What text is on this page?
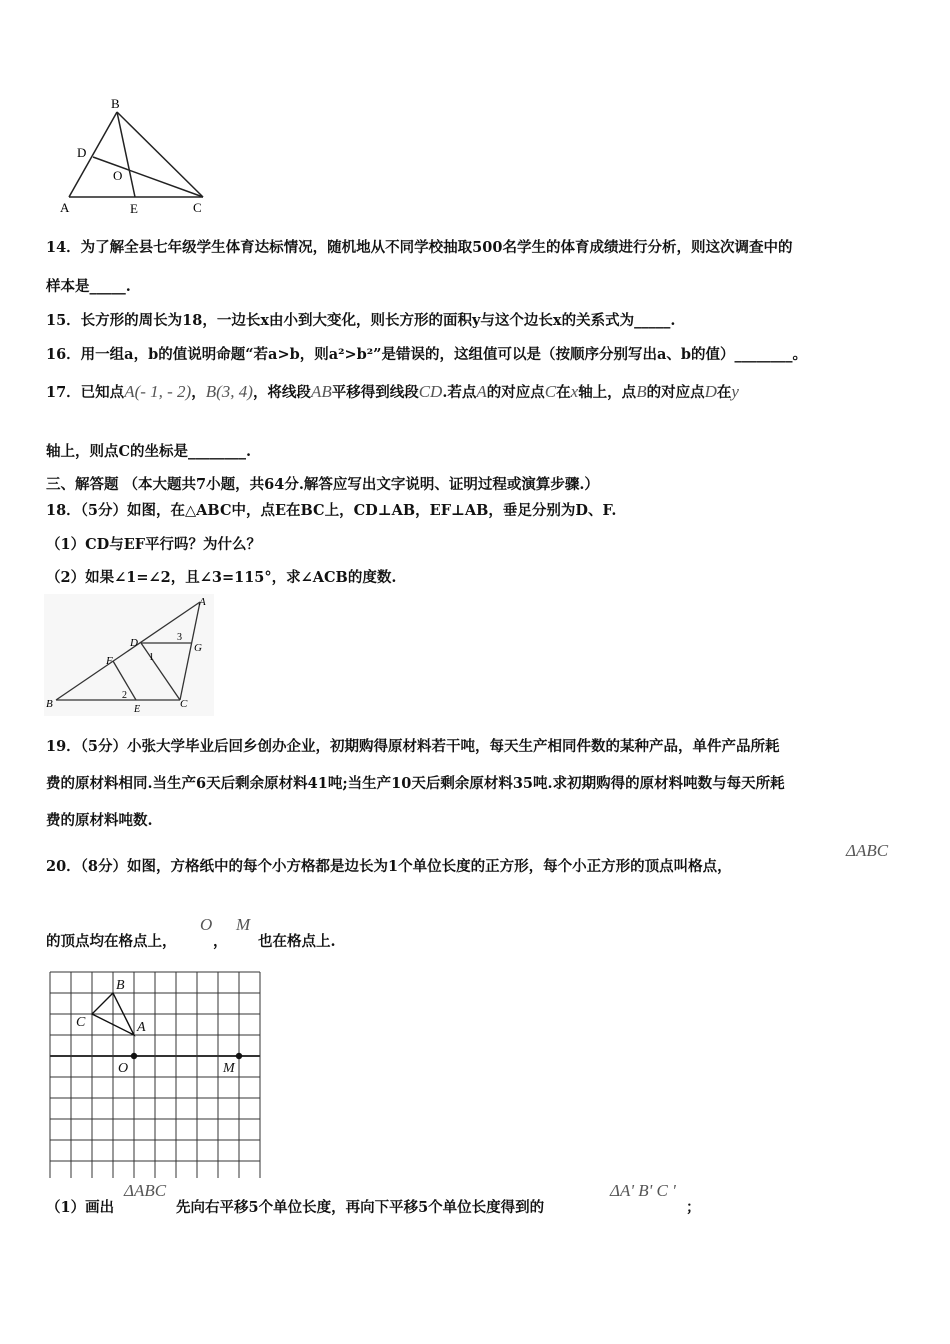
B
D
O
A	E	C
14．为了解全县七年级学生体育达标情况，随机地从不同学校抽取500名学生的体育成绩进行分析，则这次调查中的
样本是_____.
15．长方形的周长为18，一边长x由小到大变化，则长方形的面积y与这个边长x的关系式为_____.
16．用一组a，b的值说明命题“若a>b，则a²>b²”是错误的，这组值可以是（按顺序分别写出a、b的值）________。
17．已知点A(- 1, - 2)，B(3, 4)，将线段AB平移得到线段CD.若点A的对应点C在x轴上，点B的对应点D在y
轴上，则点C的坐标是________.
三、解答题 （本大题共7小题，共64分.解答应写出文字说明、证明过程或演算步骤.）
18．（5分）如图，在△ABC中，点E在BC上，CD⊥AB，EF⊥AB，垂足分别为D、F.
（1）CD与EF平行吗？为什么？
（2）如果∠1=∠2，且∠3=115°，求∠ACB的度数.
A
D	3
G
F	1
2
B	E	C
19．（5分）小张大学毕业后回乡创办企业，初期购得原材料若干吨，每天生产相同件数的某种产品，单件产品所耗
费的原材料相同.当生产6天后剩余原材料41吨;当生产10天后剩余原材料35吨.求初期购得的原材料吨数与每天所耗
费的原材料吨数.
20．（8分）如图，方格纸中的每个小方格都是边长为1个单位长度的正方形，每个小正方形的顶点叫格点，
ΔABC
的顶点均在格点上，
O
，
M
也在格点上.
B
C	A
O	M
（1）画出
ΔABC
先向右平移5个单位长度，再向下平移5个单位长度得到的
ΔA' B' C '
；
